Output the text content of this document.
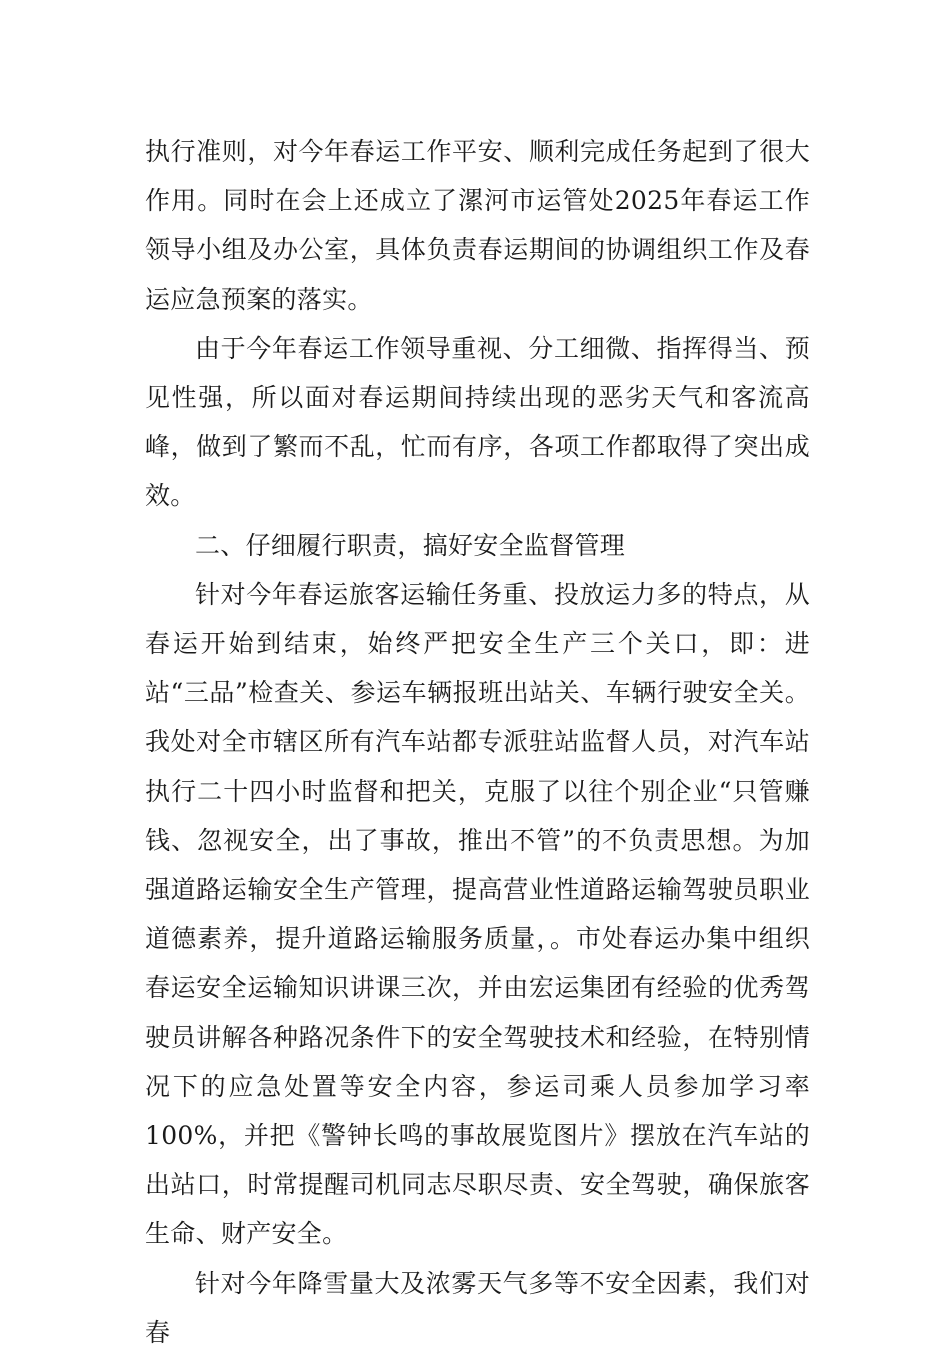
执行准则，对今年春运工作平安、顺利完成任务起到了很大作用。同时在会上还成立了漯河市运管处2025年春运工作领导小组及办公室，具体负责春运期间的协调组织工作及春运应急预案的落实。

由于今年春运工作领导重视、分工细微、指挥得当、预见性强，所以面对春运期间持续出现的恶劣天气和客流高峰，做到了繁而不乱，忙而有序，各项工作都取得了突出成效。

二、仔细履行职责，搞好安全监督管理

针对今年春运旅客运输任务重、投放运力多的特点，从春运开始到结束，始终严把安全生产三个关口，即：进站“三品”检查关、参运车辆报班出站关、车辆行驶安全关。我处对全市辖区所有汽车站都专派驻站监督人员，对汽车站执行二十四小时监督和把关，克服了以往个别企业“只管赚钱、忽视安全，出了事故，推出不管”的不负责思想。为加强道路运输安全生产管理，提高营业性道路运输驾驶员职业道德素养，提升道路运输服务质量，。市处春运办集中组织春运安全运输知识讲课三次，并由宏运集团有经验的优秀驾驶员讲解各种路况条件下的安全驾驶技术和经验，在特别情况下的应急处置等安全内容，参运司乘人员参加学习率100%，并把《警钟长鸣的事故展览图片》摆放在汽车站的出站口，时常提醒司机同志尽职尽责、安全驾驶，确保旅客生命、财产安全。

针对今年降雪量大及浓雾天气多等不安全因素，我们对春
